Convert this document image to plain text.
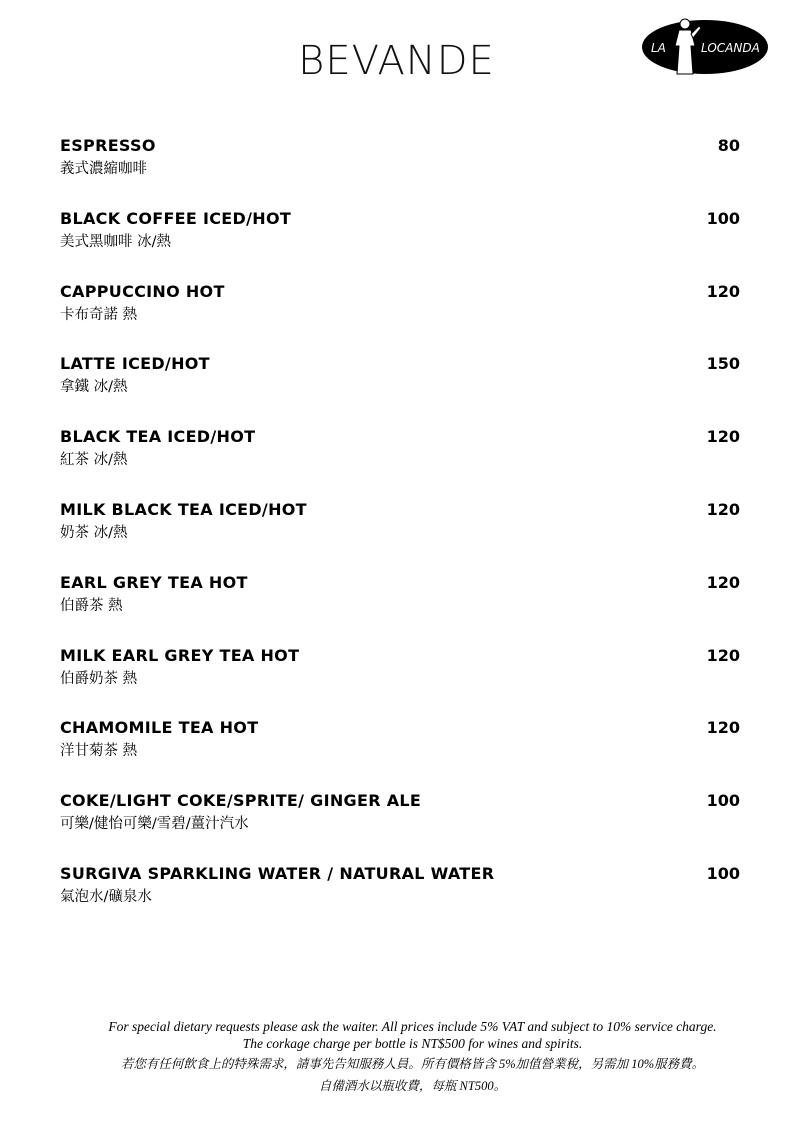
BEVANDE	LA	LOCANDA
ESPRESSO
義式濃縮咖啡
80
BLACK COFFEE ICED/HOT
美式黑咖啡 冰/熱
100
CAPPUCCINO HOT
卡布奇諾 熱
120
LATTE ICED/HOT
拿鐵 冰/熱
150
BLACK TEA ICED/HOT
紅茶 冰/熱
120
MILK BLACK TEA ICED/HOT
奶茶 冰/熱
120
EARL GREY TEA HOT
伯爵茶 熱
120
MILK EARL GREY TEA HOT
伯爵奶茶 熱
120
CHAMOMILE TEA HOT
洋甘菊茶 熱
120
COKE/LIGHT COKE/SPRITE/ GINGER ALE
可樂/健怡可樂/雪碧/薑汁汽水
100
SURGIVA SPARKLING WATER / NATURAL WATER
氣泡水/礦泉水
100
For special dietary requests please ask the waiter. All prices include 5% VAT and subject to 10% service charge.
The corkage charge per bottle is NT$500 for wines and spirits.
若您有任何飲食上的特殊需求，請事先告知服務人員。所有價格皆含 5%加值營業稅，另需加 10%服務費。
自備酒水以瓶收費，每瓶 NT500。
